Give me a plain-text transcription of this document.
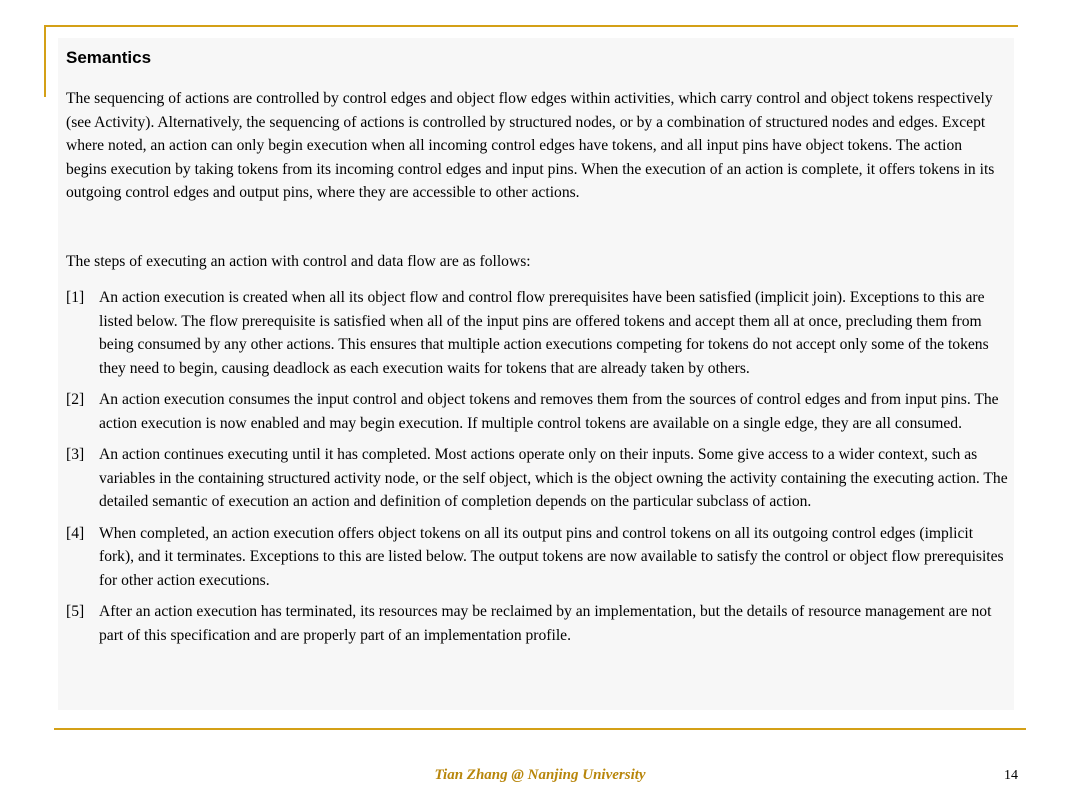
Semantics

The sequencing of actions are controlled by control edges and object flow edges within activities, which carry control and object tokens respectively (see Activity). Alternatively, the sequencing of actions is controlled by structured nodes, or by a combination of structured nodes and edges. Except where noted, an action can only begin execution when all incoming control edges have tokens, and all input pins have object tokens. The action begins execution by taking tokens from its incoming control edges and input pins. When the execution of an action is complete, it offers tokens in its outgoing control edges and output pins, where they are accessible to other actions.

The steps of executing an action with control and data flow are as follows:

[1] An action execution is created when all its object flow and control flow prerequisites have been satisfied (implicit join). Exceptions to this are listed below. The flow prerequisite is satisfied when all of the input pins are offered tokens and accept them all at once, precluding them from being consumed by any other actions. This ensures that multiple action executions competing for tokens do not accept only some of the tokens they need to begin, causing deadlock as each execution waits for tokens that are already taken by others.
[2] An action execution consumes the input control and object tokens and removes them from the sources of control edges and from input pins. The action execution is now enabled and may begin execution. If multiple control tokens are available on a single edge, they are all consumed.
[3] An action continues executing until it has completed. Most actions operate only on their inputs. Some give access to a wider context, such as variables in the containing structured activity node, or the self object, which is the object owning the activity containing the executing action. The detailed semantic of execution an action and definition of completion depends on the particular subclass of action.
[4] When completed, an action execution offers object tokens on all its output pins and control tokens on all its outgoing control edges (implicit fork), and it terminates. Exceptions to this are listed below. The output tokens are now available to satisfy the control or object flow prerequisites for other action executions.
[5] After an action execution has terminated, its resources may be reclaimed by an implementation, but the details of resource management are not part of this specification and are properly part of an implementation profile.
Tian Zhang @ Nanjing University	14
